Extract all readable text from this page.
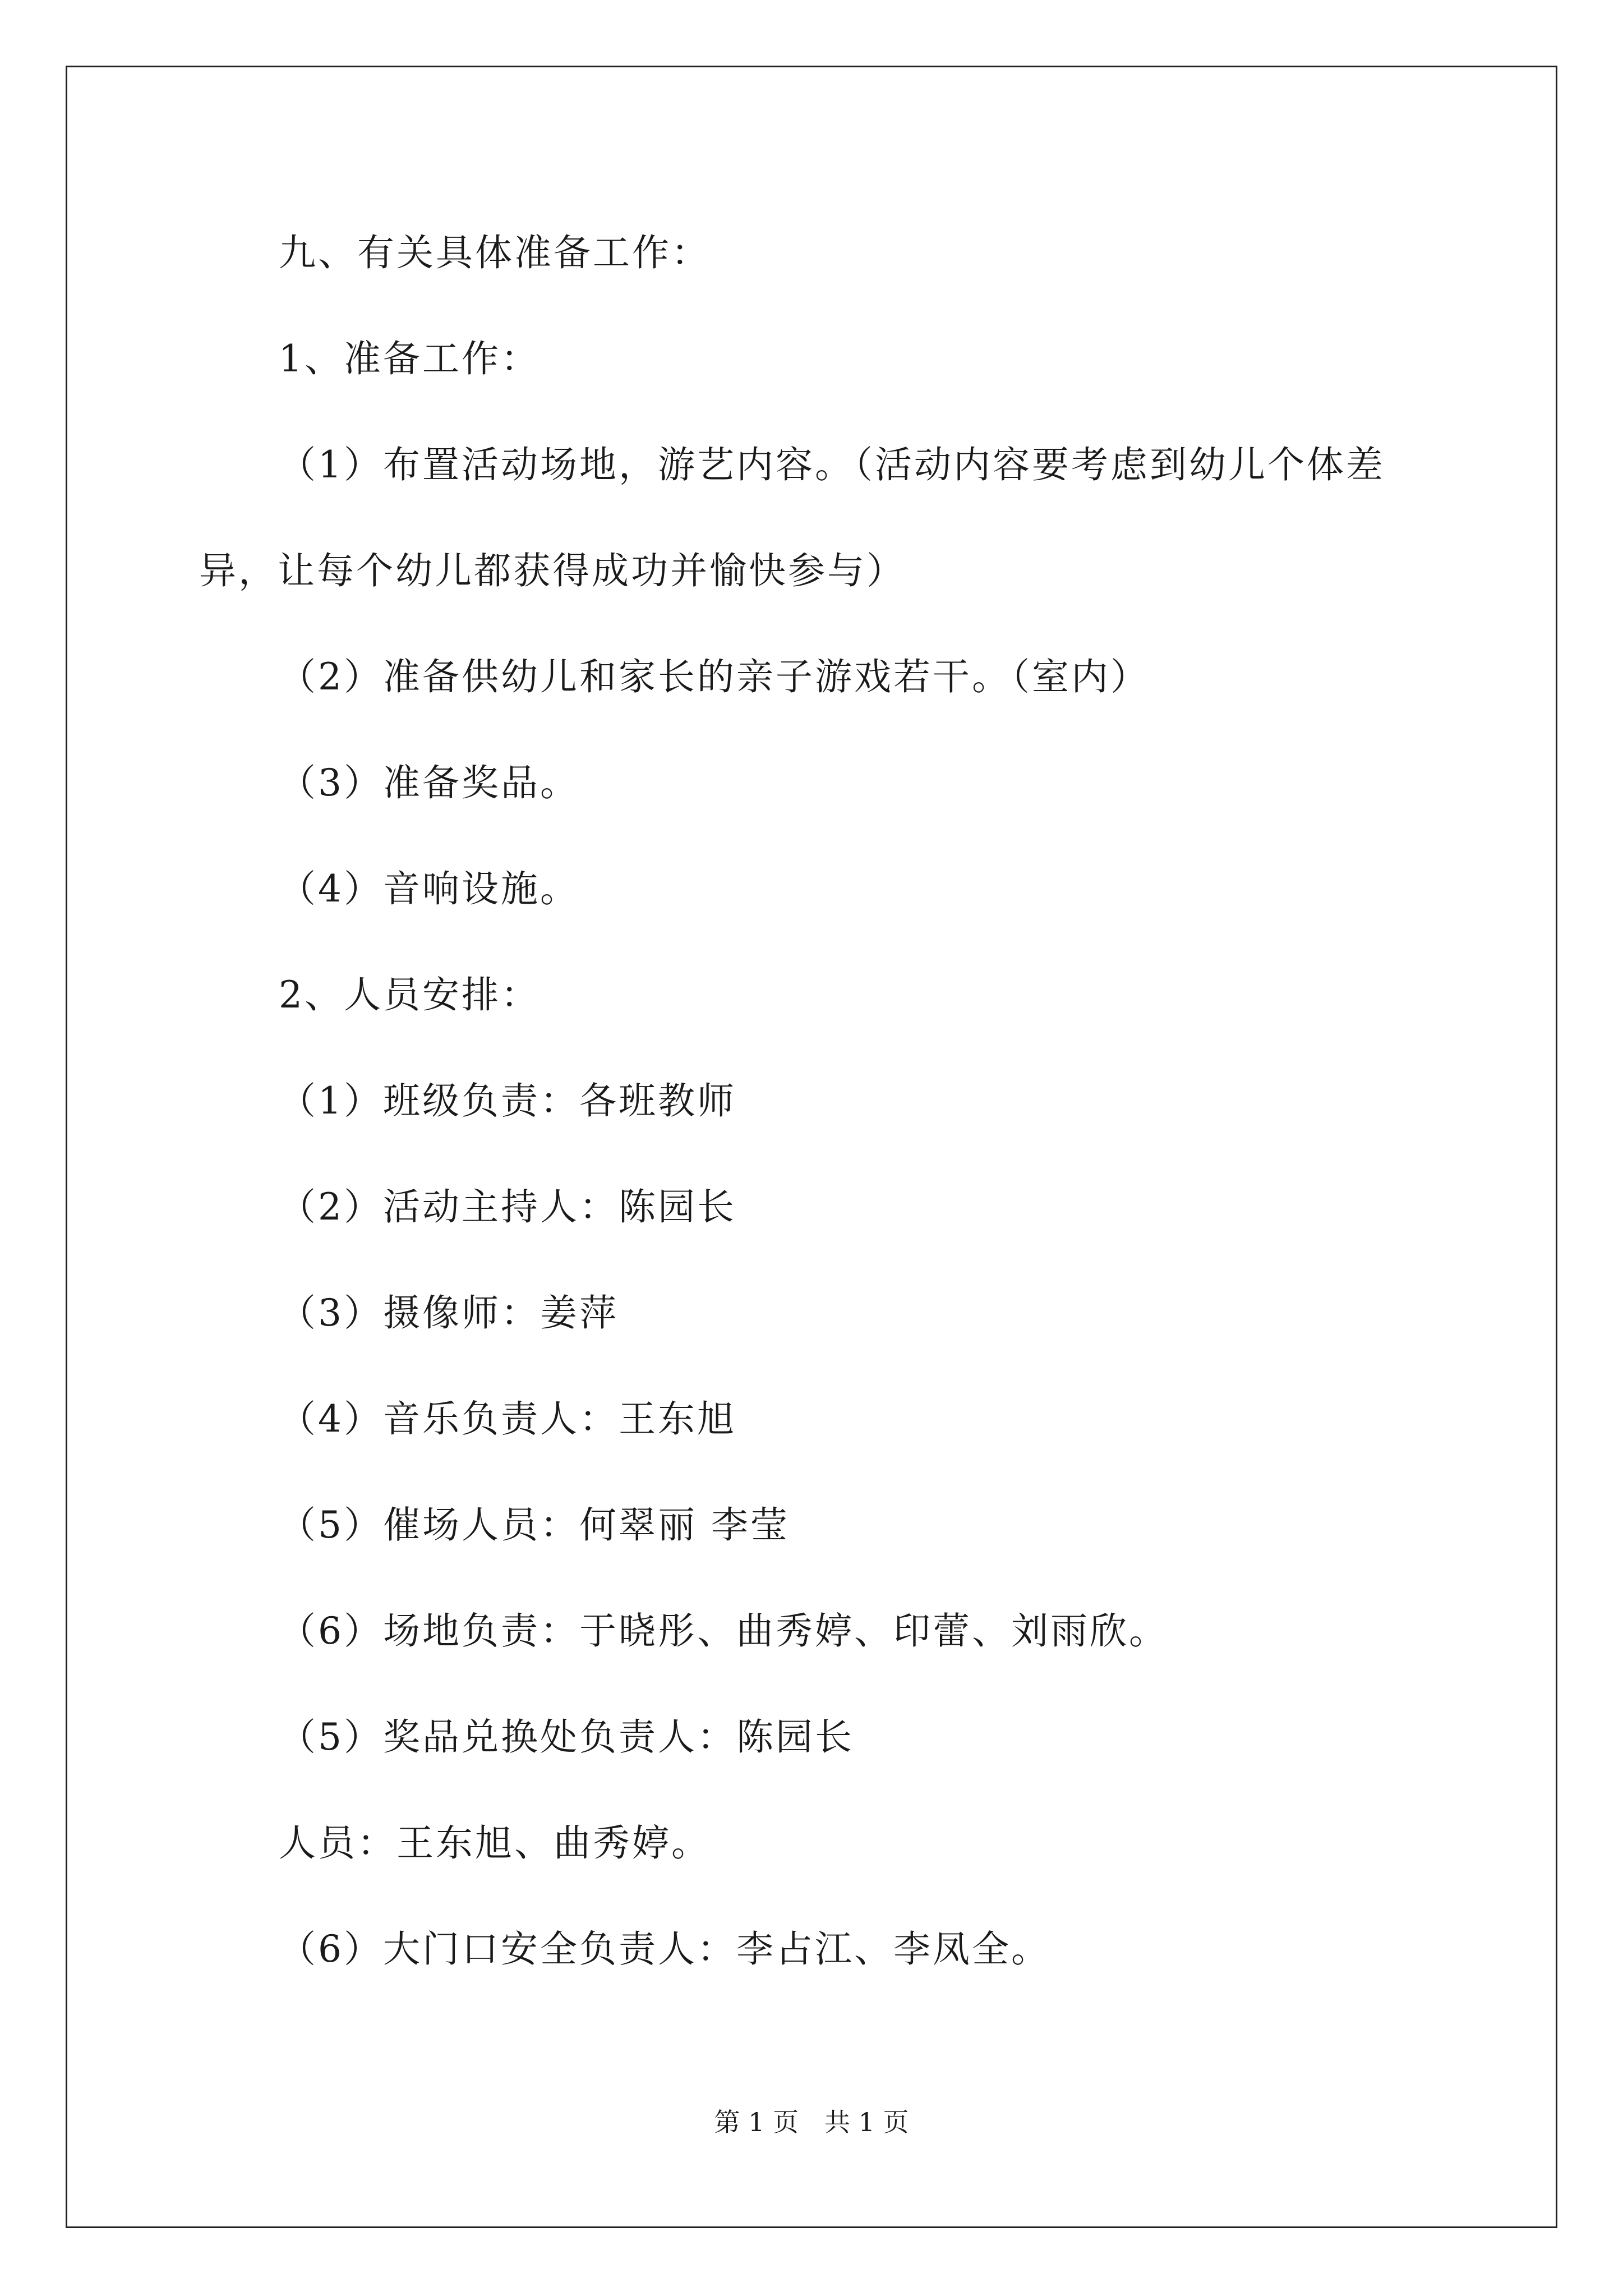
九、有关具体准备工作：
1、准备工作：
（1）布置活动场地，游艺内容。（活动内容要考虑到幼儿个体差
异，让每个幼儿都获得成功并愉快参与）
（2）准备供幼儿和家长的亲子游戏若干。（室内）
（3）准备奖品。
（4）音响设施。
2、人员安排：
（1）班级负责：各班教师
（2）活动主持人：陈园长
（3）摄像师：姜萍
（4）音乐负责人：王东旭
（5）催场人员：何翠丽 李莹
（6）场地负责：于晓彤、曲秀婷、印蕾、刘雨欣。
（5）奖品兑换处负责人：陈园长
人员：王东旭、曲秀婷。
（6）大门口安全负责人：李占江、李凤全。
第 1 页　共 1 页
